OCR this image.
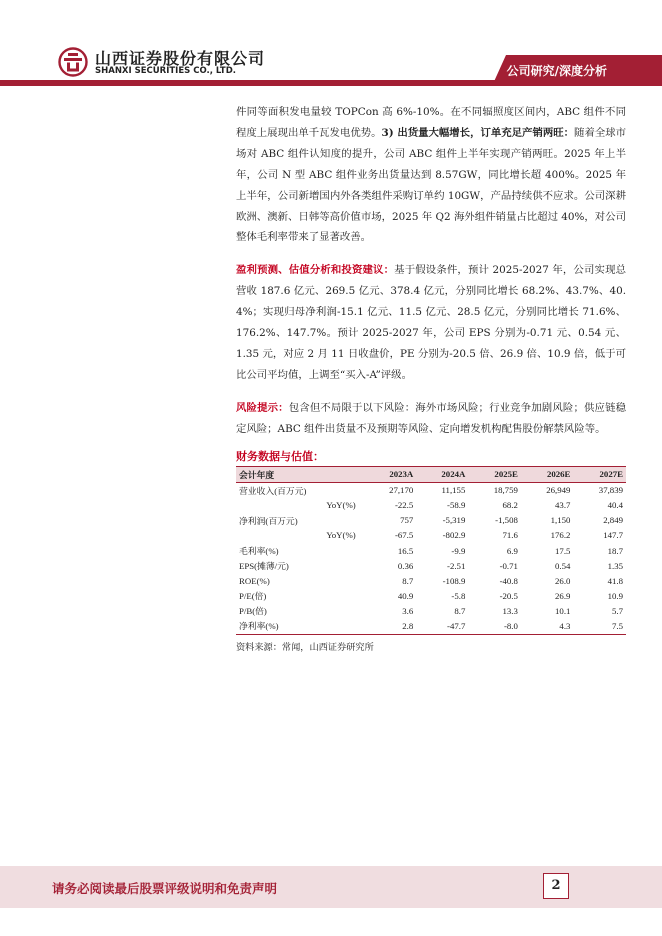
山西证券股份有限公司
SHANXI SECURITIES CO., LTD.	公司研究/深度分析

件同等面积发电量较 TOPCon 高 6%-10%。在不同辐照度区间内，ABC 组件不同程度上展现出单千瓦发电优势。3) 出货量大幅增长，订单充足产销两旺：随着全球市场对 ABC 组件认知度的提升，公司 ABC 组件上半年实现产销两旺。2025 年上半年，公司 N 型 ABC 组件业务出货量达到 8.57GW，同比增长超 400%。2025 年上半年，公司新增国内外各类组件采购订单约 10GW，产品持续供不应求。公司深耕欧洲、澳新、日韩等高价值市场，2025 年 Q2 海外组件销量占比超过 40%，对公司整体毛利率带来了显著改善。

盈利预测、估值分析和投资建议：基于假设条件，预计 2025-2027 年，公司实现总营收 187.6 亿元、269.5 亿元、378.4 亿元，分别同比增长 68.2%、43.7%、40.4%；实现归母净利润-15.1 亿元、11.5 亿元、28.5 亿元，分别同比增长 71.6%、176.2%、147.7%。预计 2025-2027 年，公司 EPS 分别为-0.71 元、0.54 元、1.35 元，对应 2 月 11 日收盘价，PE 分别为-20.5 倍、26.9 倍、10.9 倍，低于可比公司平均值，上调至“买入-A”评级。

风险提示：包含但不局限于以下风险：海外市场风险；行业竞争加剧风险；供应链稳定风险；ABC 组件出货量不及预期等风险、定向增发机构配售股份解禁风险等。

财务数据与估值：
会计年度	2023A	2024A	2025E	2026E	2027E
营业收入(百万元)	27,170	11,155	18,759	26,949	37,839
YoY(%)	-22.5	-58.9	68.2	43.7	40.4
净利润(百万元)	757	-5,319	-1,508	1,150	2,849
YoY(%)	-67.5	-802.9	71.6	176.2	147.7
毛利率(%)	16.5	-9.9	6.9	17.5	18.7
EPS(摊薄/元)	0.36	-2.51	-0.71	0.54	1.35
ROE(%)	8.7	-108.9	-40.8	26.0	41.8
P/E(倍)	40.9	-5.8	-20.5	26.9	10.9
P/B(倍)	3.6	8.7	13.3	10.1	5.7
净利率(%)	2.8	-47.7	-8.0	4.3	7.5
资料来源：常闻，山西证券研究所
请务必阅读最后股票评级说明和免责声明	2
